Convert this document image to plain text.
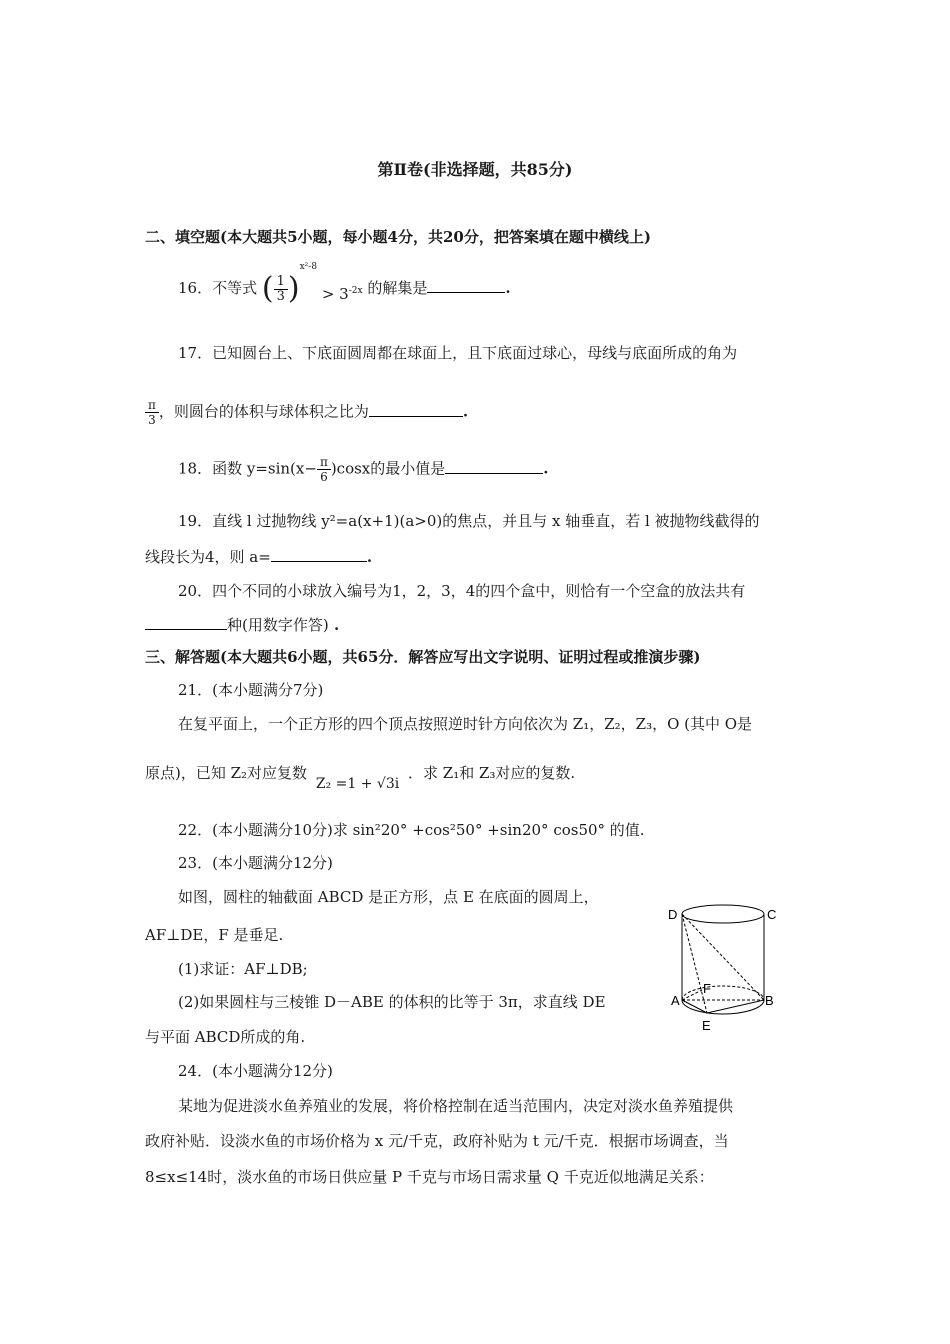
第Ⅱ卷(非选择题，共85分)
二、填空题(本大题共5小题，每小题4分，共20分，把答案填在题中横线上)
16．不等式 ( $\frac{1}{3} )^{x^2-8} > 3^{-2x}$ 的解集是	.
17．已知圆台上、下底面圆周都在球面上，且下底面过球心，母线与底面所成的角为
$\frac{\pi}{3}$ ，则圆台的体积与球体积之比为	.
18．函数 $y=\sin(x- \frac{\pi}{6} )\cos x$的最小值是	.
19．直线 l 过抛物线 y²=a(x+1)(a>0)的焦点，并且与 x 轴垂直，若 l 被抛物线截得的
线段长为4，则 a=	.
20．四个不同的小球放入编号为1，2，3，4的四个盒中，则恰有一个空盒的放法共有
种(用数字作答) .
三、解答题(本大题共6小题，共65分．解答应写出文字说明、证明过程或推演步骤)
21．(本小题满分7分)
在复平面上，一个正方形的四个顶点按照逆时针方向依次为 Z₁，Z₂，Z₃，O (其中 O是
原点)，已知 Z₂对应复数 Z₂ =1 + √3i ．求 Z₁和 Z₃对应的复数.
22．(本小题满分10分)求 sin²20° +cos²50° +sin20° cos50° 的值.
23．(本小题满分12分)
如图，圆柱的轴截面 ABCD 是正方形，点 E 在底面的圆周上，
AF⊥DE，F 是垂足.
(1)求证：AF⊥DB;
(2)如果圆柱与三棱锥 D－ABE 的体积的比等于 3π，求直线 DE
与平面 ABCD所成的角.
D	C
A	B
F
E
24．(本小题满分12分)
某地为促进淡水鱼养殖业的发展，将价格控制在适当范围内，决定对淡水鱼养殖提供
政府补贴．设淡水鱼的市场价格为 x 元/千克，政府补贴为 t 元/千克．根据市场调查，当
8≤x≤14时，淡水鱼的市场日供应量 P 千克与市场日需求量 Q 千克近似地满足关系：
